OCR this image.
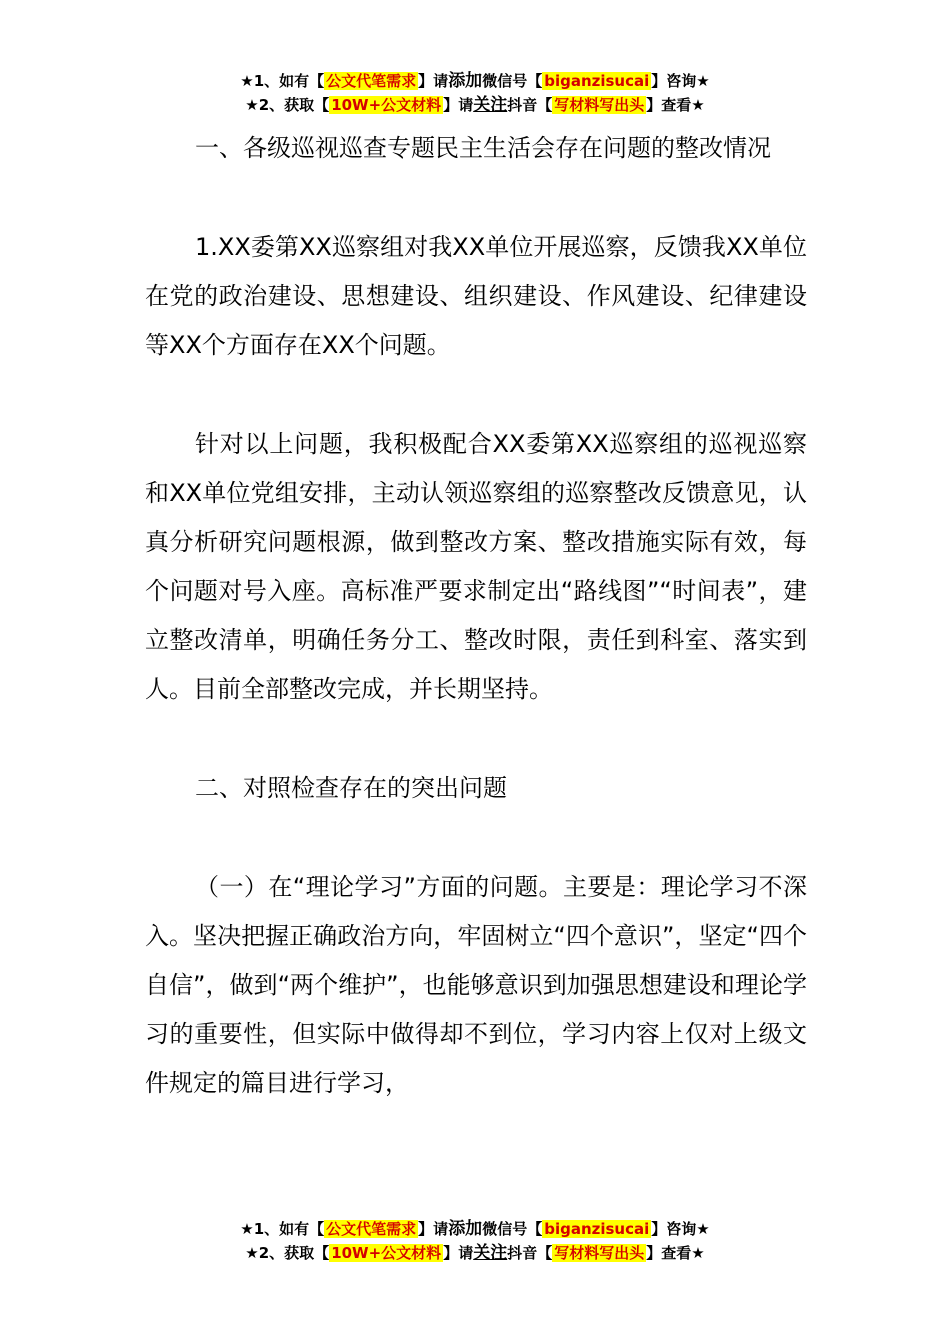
★1、如有【 公文代笔需求 】请添加微信号【 biganzisucai 】咨询★
★2、获取【 10W+公文材料 】请关注抖音【 写材料写出头 】查看★

一、各级巡视巡查专题民主生活会存在问题的整改情况

1.XX委第XX巡察组对我XX单位开展巡察，反馈我XX单位在党的政治建设、思想建设、组织建设、作风建设、纪律建设等XX个方面存在XX个问题。

针对以上问题，我积极配合XX委第XX巡察组的巡视巡察和XX单位党组安排，主动认领巡察组的巡察整改反馈意见，认真分析研究问题根源，做到整改方案、整改措施实际有效，每个问题对号入座。高标准严要求制定出“路线图”“时间表”，建立整改清单，明确任务分工、整改时限，责任到科室、落实到人。目前全部整改完成，并长期坚持。

二、对照检查存在的突出问题

（一）在“理论学习”方面的问题。主要是：理论学习不深入。坚决把握正确政治方向，牢固树立“四个意识”，坚定“四个自信”，做到“两个维护”，也能够意识到加强思想建设和理论学习的重要性，但实际中做得却不到位，学习内容上仅对上级文件规定的篇目进行学习，

★1、如有【 公文代笔需求 】请添加微信号【 biganzisucai 】咨询★
★2、获取【 10W+公文材料 】请关注抖音【 写材料写出头 】查看★
